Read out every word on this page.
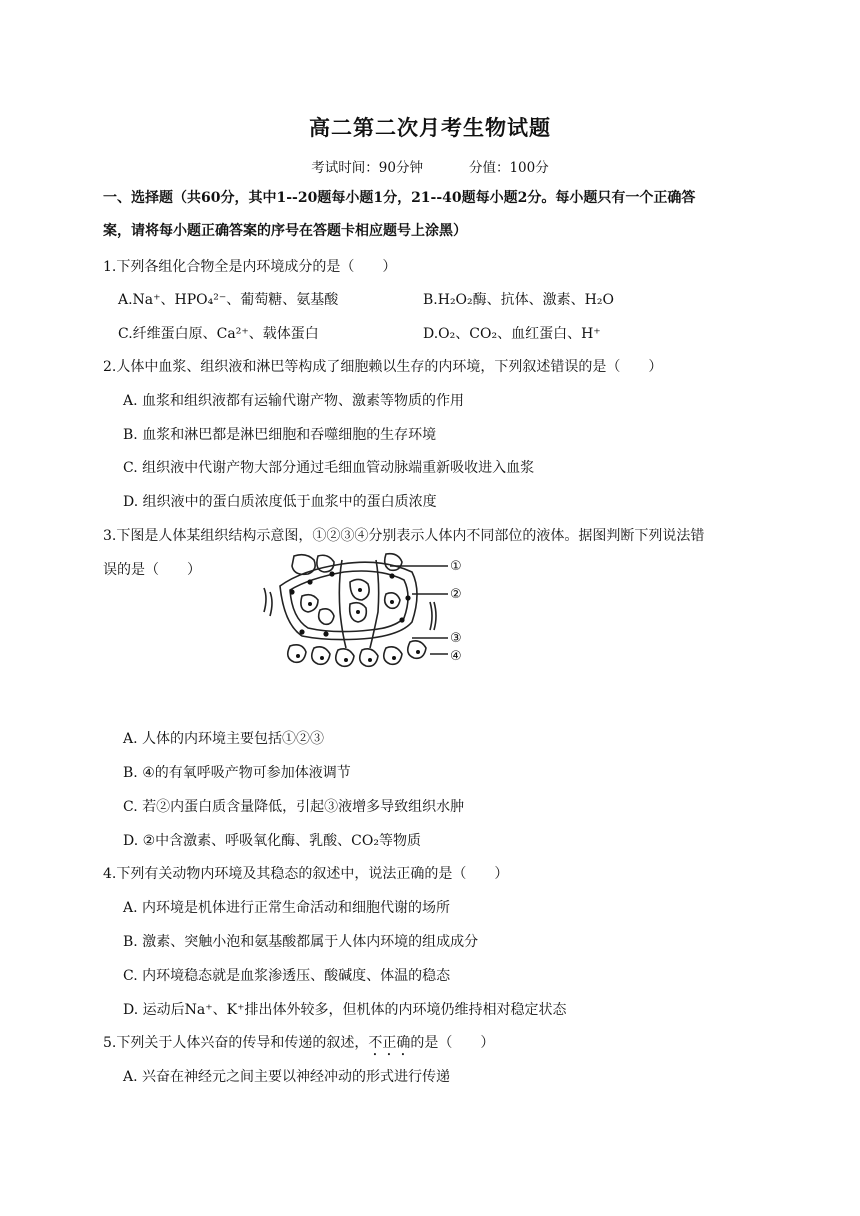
高二第二次月考生物试题
考试时间：90分钟	分值：100分
一、选择题（共60分，其中1--20题每小题1分，21--40题每小题2分。每小题只有一个正确答
案，请将每小题正确答案的序号在答题卡相应题号上涂黑）
1.下列各组化合物全是内环境成分的是（　　）
A.Na⁺、HPO₄²⁻、葡萄糖、氨基酸	B.H₂O₂酶、抗体、激素、H₂O
C.纤维蛋白原、Ca²⁺、载体蛋白	D.O₂、CO₂、血红蛋白、H⁺
2.人体中血浆、组织液和淋巴等构成了细胞赖以生存的内环境，下列叙述错误的是（　　）
A. 血浆和组织液都有运输代谢产物、激素等物质的作用
B. 血浆和淋巴都是淋巴细胞和吞噬细胞的生存环境
C. 组织液中代谢产物大部分通过毛细血管动脉端重新吸收进入血浆
D. 组织液中的蛋白质浓度低于血浆中的蛋白质浓度
3.下图是人体某组织结构示意图，①②③④分别表示人体内不同部位的液体。据图判断下列说法错
误的是（　　）	①
②
③
④
A. 人体的内环境主要包括①②③
B. ④的有氧呼吸产物可参加体液调节
C. 若②内蛋白质含量降低，引起③液增多导致组织水肿
D. ②中含激素、呼吸氧化酶、乳酸、CO₂等物质
4.下列有关动物内环境及其稳态的叙述中，说法正确的是（　　）
A. 内环境是机体进行正常生命活动和细胞代谢的场所
B. 激素、突触小泡和氨基酸都属于人体内环境的组成成分
C. 内环境稳态就是血浆渗透压、酸碱度、体温的稳态
D. 运动后Na⁺、K⁺排出体外较多，但机体的内环境仍维持相对稳定状态
5.下列关于人体兴奋的传导和传递的叙述，不正确的是（　　）
A. 兴奋在神经元之间主要以神经冲动的形式进行传递
